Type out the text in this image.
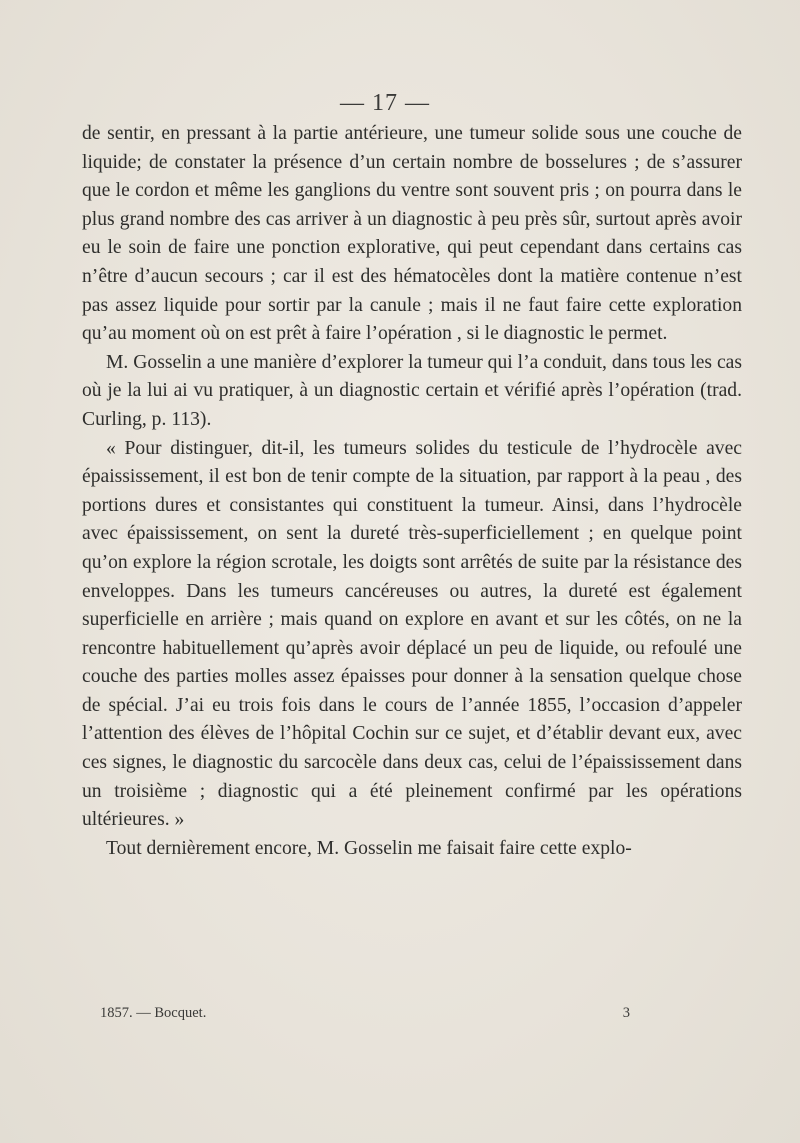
— 17 —

de sentir, en pressant à la partie antérieure, une tumeur solide sous une couche de liquide; de constater la présence d’un certain nombre de bosselures ; de s’assurer que le cordon et même les ganglions du ventre sont souvent pris ; on pourra dans le plus grand nombre des cas arriver à un diagnostic à peu près sûr, surtout après avoir eu le soin de faire une ponction explorative, qui peut cependant dans certains cas n’être d’aucun secours ; car il est des hématocèles dont la matière contenue n’est pas assez liquide pour sortir par la canule ; mais il ne faut faire cette exploration qu’au moment où on est prêt à faire l’opération , si le diagnostic le permet.

M. Gosselin a une manière d’explorer la tumeur qui l’a conduit, dans tous les cas où je la lui ai vu pratiquer, à un diagnostic certain et vérifié après l’opération (trad. Curling, p. 113).

« Pour distinguer, dit-il, les tumeurs solides du testicule de l’hydrocèle avec épaississement, il est bon de tenir compte de la situation, par rapport à la peau , des portions dures et consistantes qui constituent la tumeur. Ainsi, dans l’hydrocèle avec épaississement, on sent la dureté très-superficiellement ; en quelque point qu’on explore la région scrotale, les doigts sont arrêtés de suite par la résistance des enveloppes. Dans les tumeurs cancéreuses ou autres, la dureté est également superficielle en arrière ; mais quand on explore en avant et sur les côtés, on ne la rencontre habituellement qu’après avoir déplacé un peu de liquide, ou refoulé une couche des parties molles assez épaisses pour donner à la sensation quelque chose de spécial. J’ai eu trois fois dans le cours de l’année 1855, l’occasion d’appeler l’attention des élèves de l’hôpital Cochin sur ce sujet, et d’établir devant eux, avec ces signes, le diagnostic du sarcocèle dans deux cas, celui de l’épaississement dans un troisième ; diagnostic qui a été pleinement confirmé par les opérations ultérieures. »

Tout dernièrement encore, M. Gosselin me faisait faire cette explo-

1857. — Bocquet.	3
